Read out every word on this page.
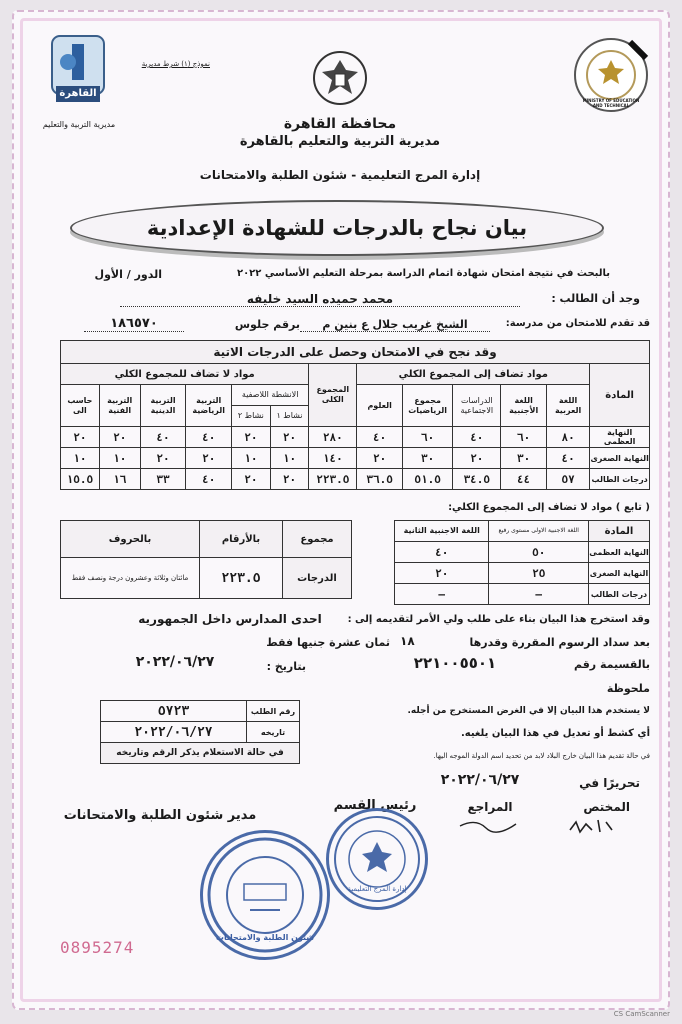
القاهرة
مديرية التربية والتعليم
نموذج (١) شرط مديرية
MINISTRY OF EDUCATION AND TECHNICAL
محافظة القاهرة
مديرية التربية والتعليم بالقاهرة
إدارة المرج التعليمية - شئون الطلبة والامتحانات
بيان نجاح بالدرجات للشهادة الإعدادية
بالبحث في نتيجة امتحان شهادة اتمام الدراسة بمرحلة التعليم الأساسي ٢٠٢٢
الدور / الأول
وجد أن الطالب :
محمد حميده السيد خليفه
قد تقدم للامتحان من مدرسة:
الشيخ غريب جلال ع بنين م
برقم جلوس
١٨٦٥٧٠
وقد نجح في الامتحان وحصل على الدرجات الاتية												
المادة	مواد تضاف إلى المجموع الكلي					المجموع الكلى	مواد لا تضاف للمجموع الكلي					
	اللغة العربية	اللغة الأجنبية	الدراسات الاجتماعية	مجموع الرياضيات	العلوم		الانشطة اللاصفية		التربية الرياضية	التربية الدينية	التربية الفنية	حاسب الى
							نشاط ١	نشاط ٢				
النهاية العظمى	٨٠	٦٠	٤٠	٦٠	٤٠	٢٨٠	٢٠	٢٠	٤٠	٤٠	٢٠	٢٠
النهاية الصغرى	٤٠	٣٠	٢٠	٣٠	٢٠	١٤٠	١٠	١٠	٢٠	٢٠	١٠	١٠
درجات الطالب	٥٧	٤٤	٣٤.٥	٥١.٥	٣٦.٥	٢٢٣.٥	٢٠	٢٠	٤٠	٣٣	١٦	١٥.٥
( تابع ) مواد لا تضاف إلى المجموع الكلي:
المادة	اللغة الاجنبية الاولى مستوى رفيع	اللغة الاجنبية الثانية
النهاية العظمى	٥٠	٤٠
النهاية الصغرى	٢٥	٢٠
درجات الطالب	—	—
مجموع	بالأرقام	بالحروف
الدرجات	٢٢٣.٥	مائتان وثلاثة وعشرون درجة ونصف فقط
وقد استخرج هذا البيان بناء على طلب ولي الأمر لتقديمه إلى :
احدى المدارس داخل الجمهوريه
بعد سداد الرسوم المقررة وقدرها
١٨
ثمان عشرة جنيها فقط
بالقسيمة رقم
٢٢١٠٠٥٥٠١
بتاريخ :
٢٠٢٢/٠٦/٢٧
ملحوظة
لا يستخدم هذا البيان إلا في الغرض المستخرج من أجله.
أي كشط أو تعديل في هذا البيان يلغيه.
في حالة تقديم هذا البيان خارج البلاد لابد من تحديد اسم الدولة الموجه اليها.
رقم الطلب	٥٧٢٣
تاريخه	٢٠٢٢/٠٦/٢٧
في حالة الاستعلام يذكر الرقم وتاريخه	
تحريرًا في
٢٠٢٢/٠٦/٢٧
المختص
المراجع
رئيس القسم
مدير شئون الطلبة والامتحانات
إدارة المرج التعليمية
شئون الطلبة والامتحانات
0895274
CS CamScanner
